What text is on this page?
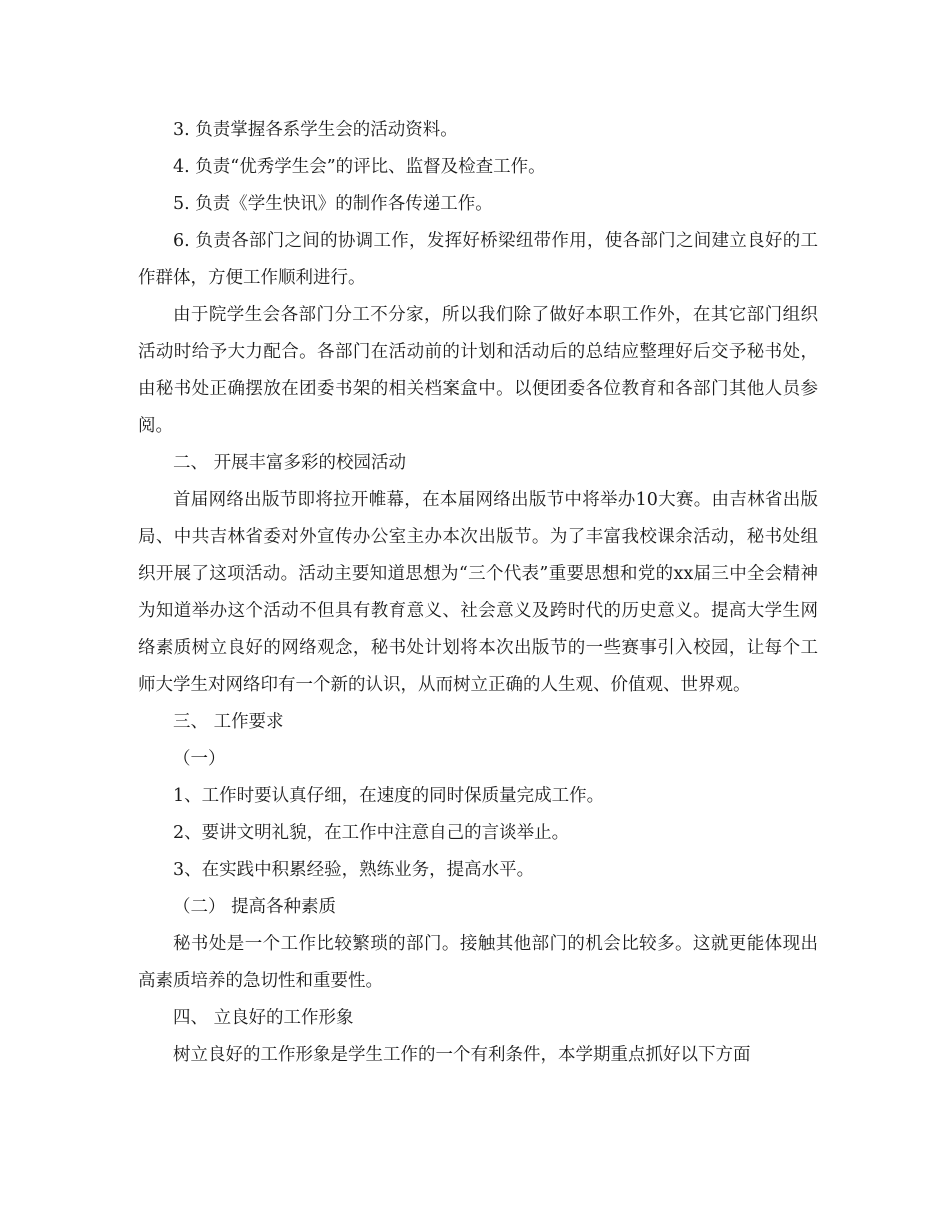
3. 负责掌握各系学生会的活动资料。

4. 负责“优秀学生会”的评比、监督及检查工作。

5. 负责《学生快讯》的制作各传递工作。

6. 负责各部门之间的协调工作，发挥好桥梁纽带作用，使各部门之间建立良好的工作群体，方便工作顺利进行。

由于院学生会各部门分工不分家，所以我们除了做好本职工作外，在其它部门组织活动时给予大力配合。各部门在活动前的计划和活动后的总结应整理好后交予秘书处，由秘书处正确摆放在团委书架的相关档案盒中。以便团委各位教育和各部门其他人员参阅。

二、 开展丰富多彩的校园活动

首届网络出版节即将拉开帷幕，在本届网络出版节中将举办10大赛。由吉林省出版局、中共吉林省委对外宣传办公室主办本次出版节。为了丰富我校课余活动，秘书处组织开展了这项活动。活动主要知道思想为“三个代表”重要思想和党的xx届三中全会精神为知道举办这个活动不但具有教育意义、社会意义及跨时代的历史意义。提高大学生网络素质树立良好的网络观念，秘书处计划将本次出版节的一些赛事引入校园，让每个工师大学生对网络印有一个新的认识，从而树立正确的人生观、价值观、世界观。

三、 工作要求

（一）

1、工作时要认真仔细，在速度的同时保质量完成工作。

2、要讲文明礼貌，在工作中注意自己的言谈举止。

3、在实践中积累经验，熟练业务，提高水平。

（二） 提高各种素质

秘书处是一个工作比较繁琐的部门。接触其他部门的机会比较多。这就更能体现出高素质培养的急切性和重要性。

四、 立良好的工作形象

树立良好的工作形象是学生工作的一个有利条件，本学期重点抓好以下方面
